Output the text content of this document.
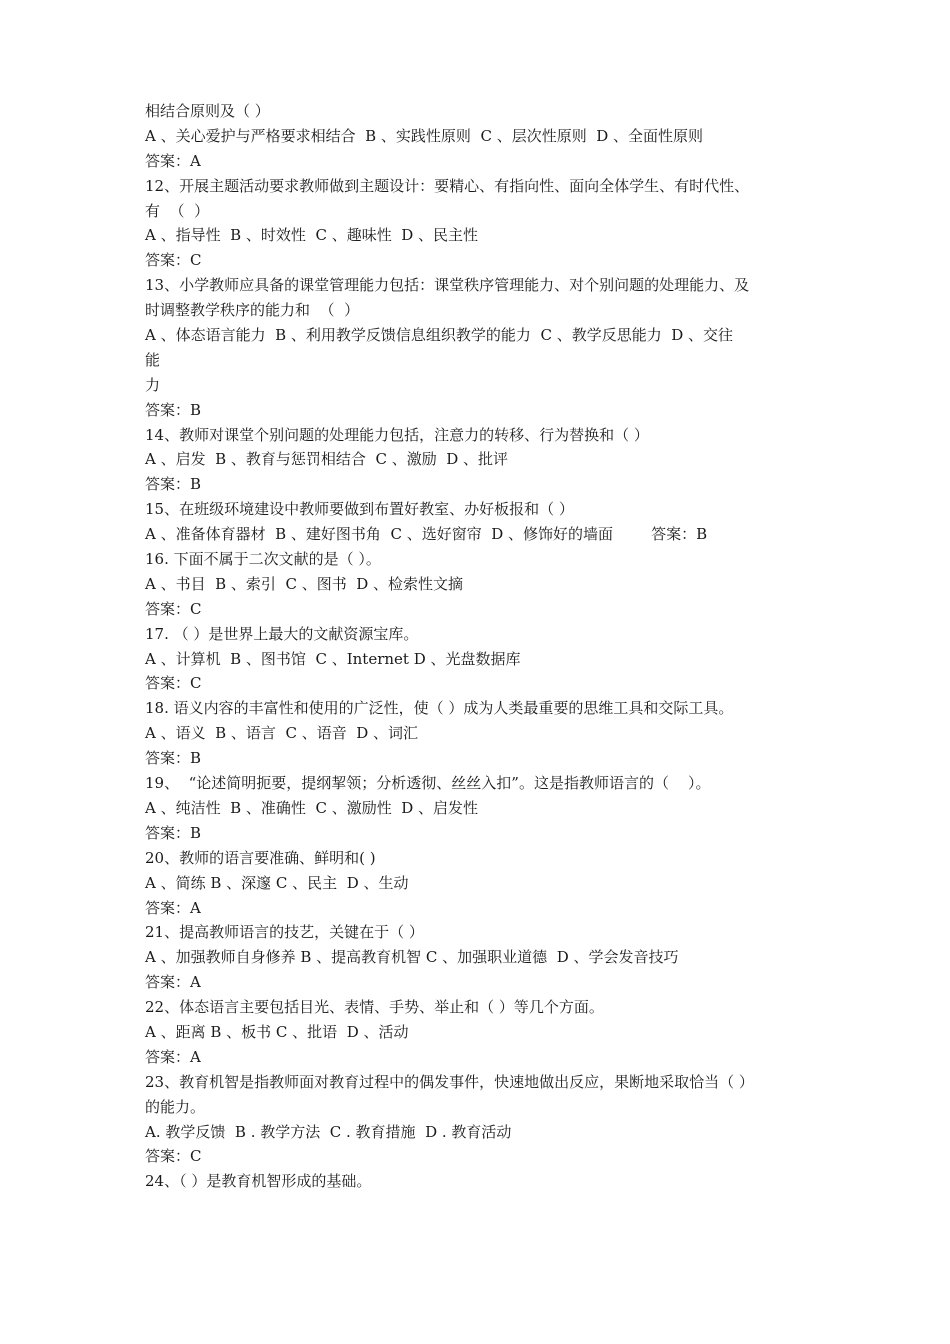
相结合原则及（ ）
A 、关心爱护与严格要求相结合  B 、实践性原则  C 、层次性原则  D 、全面性原则
答案：A
12、开展主题活动要求教师做到主题设计：要精心、有指向性、面向全体学生、有时代性、
有  （  ）
A 、指导性  B 、时效性  C 、趣味性  D 、民主性
答案：C
13、小学教师应具备的课堂管理能力包括：课堂秩序管理能力、对个别问题的处理能力、及
时调整教学秩序的能力和  （  ）
A 、体态语言能力  B 、利用教学反馈信息组织教学的能力  C 、教学反思能力  D 、交往
能
力
答案：B
14、教师对课堂个别问题的处理能力包括，注意力的转移、行为替换和（ ）
A 、启发  B 、教育与惩罚相结合  C 、激励  D 、批评
答案：B
15、在班级环境建设中教师要做到布置好教室、办好板报和（ ）
A 、准备体育器材  B 、建好图书角  C 、选好窗帘  D 、修饰好的墙面        答案：B
16. 下面不属于二次文献的是（ ）。
A 、书目  B 、索引  C 、图书  D 、检索性文摘
答案：C
17. （ ）是世界上最大的文献资源宝库。
A 、计算机  B 、图书馆  C 、Internet D 、光盘数据库
答案：C
18. 语义内容的丰富性和使用的广泛性，使（ ）成为人类最重要的思维工具和交际工具。
A 、语义  B 、语言  C 、语音  D 、词汇
答案：B
19、  “论述简明扼要，提纲挈领；分析透彻、丝丝入扣”。这是指教师语言的（    ）。
A 、纯洁性  B 、准确性  C 、激励性  D 、启发性
答案：B
20、教师的语言要准确、鲜明和( )
A 、简练 B 、深邃 C 、民主  D 、生动
答案：A
21、提高教师语言的技艺，关键在于（ ）
A 、加强教师自身修养 B 、提高教育机智 C 、加强职业道德  D 、学会发音技巧
答案：A
22、体态语言主要包括目光、表情、手势、举止和（ ）等几个方面。
A 、距离 B 、板书 C 、批语  D 、活动
答案：A
23、教育机智是指教师面对教育过程中的偶发事件，快速地做出反应，果断地采取恰当（ ）
的能力。
A. 教学反馈  B . 教学方法  C . 教育措施  D . 教育活动
答案：C
24、（ ）是教育机智形成的基础。
